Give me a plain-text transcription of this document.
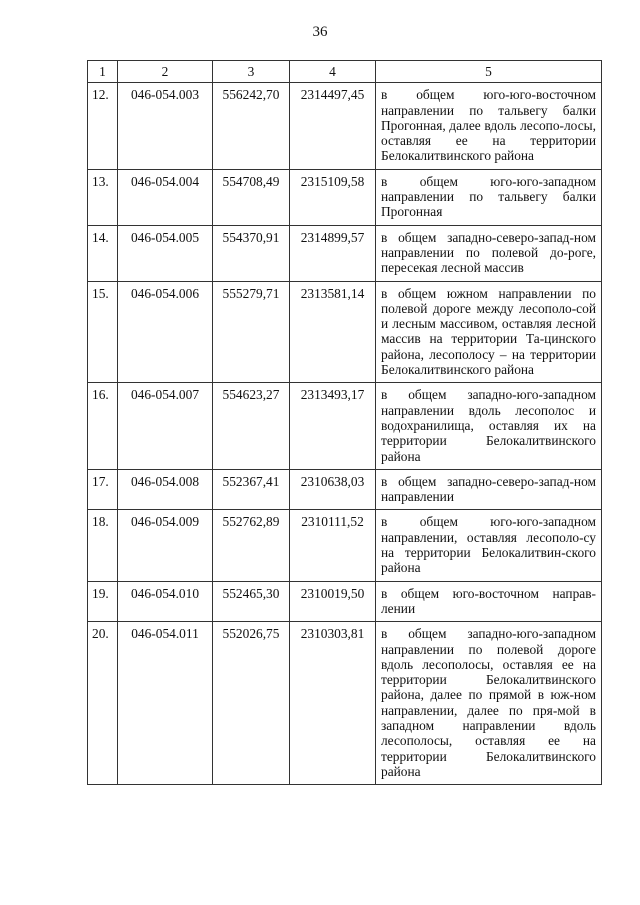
36
1	2	3	4	5
12.	046-054.003	556242,70	2314497,45	в общем юго-юго-восточном направлении по тальвегу балки Прогонная, далее вдоль лесопо-лосы, оставляя ее на территории Белокалитвинского района
13.	046-054.004	554708,49	2315109,58	в общем юго-юго-западном направлении по тальвегу балки Прогонная
14.	046-054.005	554370,91	2314899,57	в общем западно-северо-запад-ном направлении по полевой до-роге, пересекая лесной массив
15.	046-054.006	555279,71	2313581,14	в общем южном направлении по полевой дороге между лесополо-сой и лесным массивом, оставляя лесной массив на территории Та-цинского района, лесополосу – на территории Белокалитвинского района
16.	046-054.007	554623,27	2313493,17	в общем западно-юго-западном направлении вдоль лесополос и водохранилища, оставляя их на территории Белокалитвинского района
17.	046-054.008	552367,41	2310638,03	в общем западно-северо-запад-ном направлении
18.	046-054.009	552762,89	2310111,52	в общем юго-юго-западном направлении, оставляя лесополо-су на территории Белокалитвин-ского района
19.	046-054.010	552465,30	2310019,50	в общем юго-восточном направ-лении
20.	046-054.011	552026,75	2310303,81	в общем западно-юго-западном направлении по полевой дороге вдоль лесополосы, оставляя ее на территории Белокалитвинского района, далее по прямой в юж-ном направлении, далее по пря-мой в западном направлении вдоль лесополосы, оставляя ее на территории Белокалитвинского района
